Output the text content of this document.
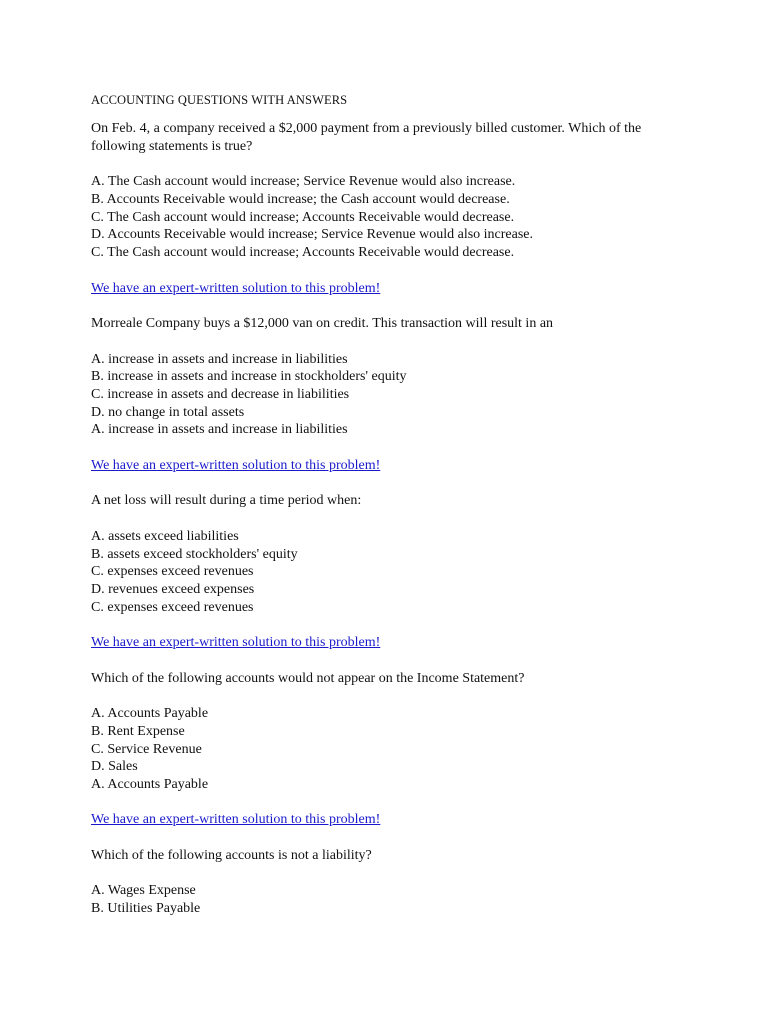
ACCOUNTING QUESTIONS WITH ANSWERS
On Feb. 4, a company received a $2,000 payment from a previously billed customer. Which of the following statements is true?
A. The Cash account would increase; Service Revenue would also increase.
B. Accounts Receivable would increase; the Cash account would decrease.
C. The Cash account would increase; Accounts Receivable would decrease.
D. Accounts Receivable would increase; Service Revenue would also increase.
C. The Cash account would increase; Accounts Receivable would decrease.
We have an expert-written solution to this problem!
Morreale Company buys a $12,000 van on credit. This transaction will result in an
A. increase in assets and increase in liabilities
B. increase in assets and increase in stockholders' equity
C. increase in assets and decrease in liabilities
D. no change in total assets
A. increase in assets and increase in liabilities
We have an expert-written solution to this problem!
A net loss will result during a time period when:
A. assets exceed liabilities
B. assets exceed stockholders' equity
C. expenses exceed revenues
D. revenues exceed expenses
C. expenses exceed revenues
We have an expert-written solution to this problem!
Which of the following accounts would not appear on the Income Statement?
A. Accounts Payable
B. Rent Expense
C. Service Revenue
D. Sales
A. Accounts Payable
We have an expert-written solution to this problem!
Which of the following accounts is not a liability?
A. Wages Expense
B. Utilities Payable
